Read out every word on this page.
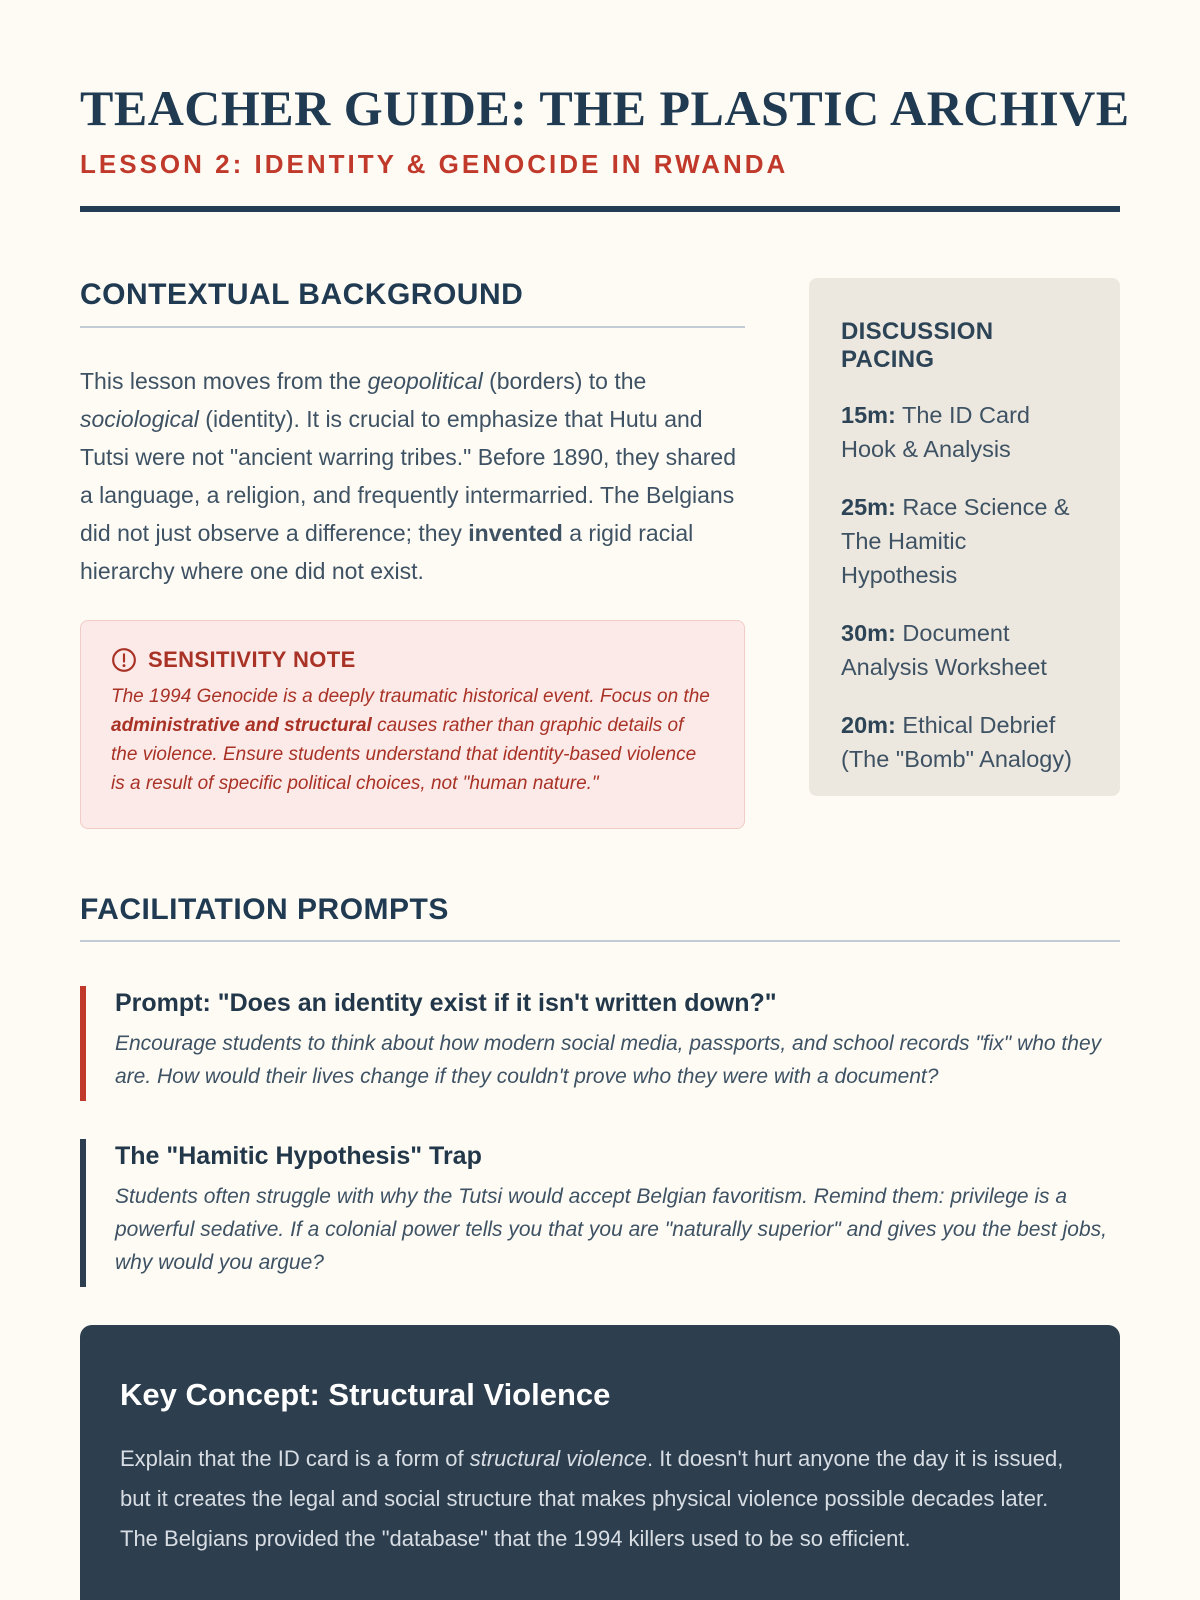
TEACHER GUIDE: THE PLASTIC ARCHIVE
LESSON 2: IDENTITY & GENOCIDE IN RWANDA
CONTEXTUAL BACKGROUND

This lesson moves from the geopolitical (borders) to the sociological (identity). It is crucial to emphasize that Hutu and Tutsi were not "ancient warring tribes." Before 1890, they shared a language, a religion, and frequently intermarried. The Belgians did not just observe a difference; they invented a rigid racial hierarchy where one did not exist.

SENSITIVITY NOTE

The 1994 Genocide is a deeply traumatic historical event. Focus on the administrative and structural causes rather than graphic details of the violence. Ensure students understand that identity-based violence is a result of specific political choices, not "human nature."

DISCUSSION PACING

15m: The ID Card Hook & Analysis

25m: Race Science & The Hamitic Hypothesis

30m: Document Analysis Worksheet

20m: Ethical Debrief (The "Bomb" Analogy)

FACILITATION PROMPTS
Prompt: "Does an identity exist if it isn't written down?"
Encourage students to think about how modern social media, passports, and school records "fix" who they are. How would their lives change if they couldn't prove who they were with a document?
The "Hamitic Hypothesis" Trap
Students often struggle with why the Tutsi would accept Belgian favoritism. Remind them: privilege is a powerful sedative. If a colonial power tells you that you are "naturally superior" and gives you the best jobs, why would you argue?
Key Concept: Structural Violence

Explain that the ID card is a form of structural violence. It doesn't hurt anyone the day it is issued, but it creates the legal and social structure that makes physical violence possible decades later. The Belgians provided the "database" that the 1994 killers used to be so efficient.
